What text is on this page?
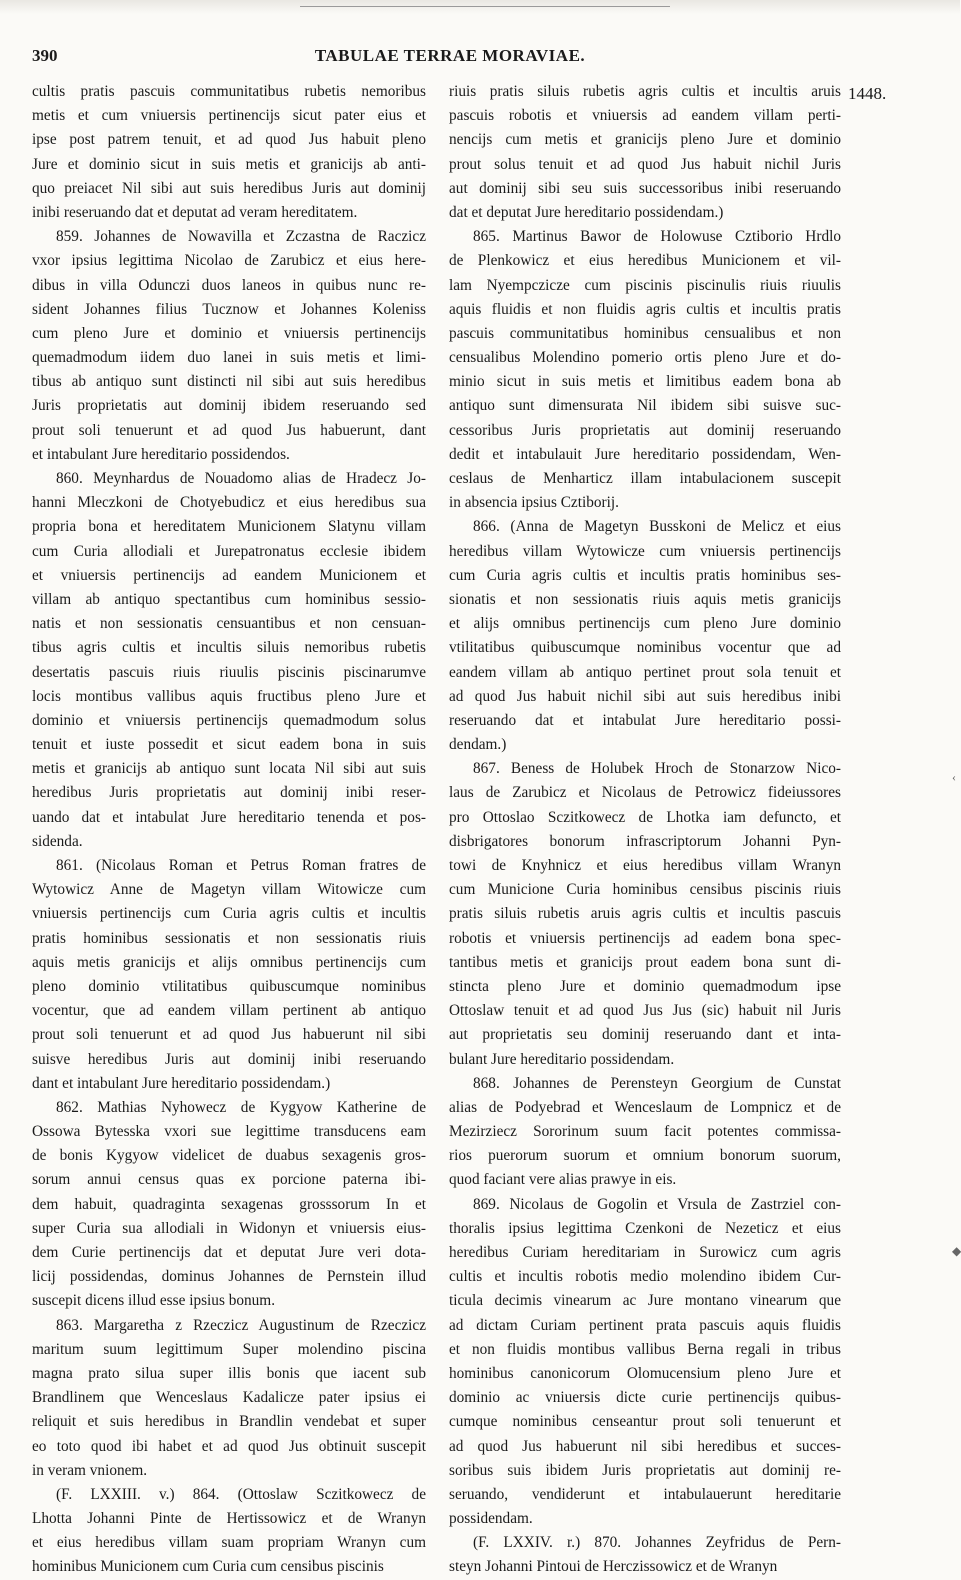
390	TABULAE TERRAE MORAVIAE.
1448.
cultis pratis pascuis communitatibus rubetis nemoribus
metis et cum vniuersis pertinencijs sicut pater eius et
ipse post patrem tenuit, et ad quod Jus habuit pleno
Jure et dominio sicut in suis metis et granicijs ab anti-
quo preiacet Nil sibi aut suis heredibus Juris aut dominij
inibi reseruando dat et deputat ad veram hereditatem.
859. Johannes de Nowavilla et Zczastna de Raczicz
vxor ipsius legittima Nicolao de Zarubicz et eius here-
dibus in villa Odunczi duos laneos in quibus nunc re-
sident Johannes filius Tucznow et Johannes Koleniss
cum pleno Jure et dominio et vniuersis pertinencijs
quemadmodum iidem duo lanei in suis metis et limi-
tibus ab antiquo sunt distincti nil sibi aut suis heredibus
Juris proprietatis aut dominij ibidem reseruando sed
prout soli tenuerunt et ad quod Jus habuerunt, dant
et intabulant Jure hereditario possidendos.
860. Meynhardus de Nouadomo alias de Hradecz Jo-
hanni Mleczkoni de Chotyebudicz et eius heredibus sua
propria bona et hereditatem Municionem Slatynu villam
cum Curia allodiali et Jurepatronatus ecclesie ibidem
et vniuersis pertinencijs ad eandem Municionem et
villam ab antiquo spectantibus cum hominibus sessio-
natis et non sessionatis censuantibus et non censuan-
tibus agris cultis et incultis siluis nemoribus rubetis
desertatis pascuis riuis riuulis piscinis piscinarumve
locis montibus vallibus aquis fructibus pleno Jure et
dominio et vniuersis pertinencijs quemadmodum solus
tenuit et iuste possedit et sicut eadem bona in suis
metis et granicijs ab antiquo sunt locata Nil sibi aut suis
heredibus Juris proprietatis aut dominij inibi reser-
uando dat et intabulat Jure hereditario tenenda et pos-
sidenda.
861. (Nicolaus Roman et Petrus Roman fratres de
Wytowicz Anne de Magetyn villam Witowicze cum
vniuersis pertinencijs cum Curia agris cultis et incultis
pratis hominibus sessionatis et non sessionatis riuis
aquis metis granicijs et alijs omnibus pertinencijs cum
pleno dominio vtilitatibus quibuscumque nominibus
vocentur, que ad eandem villam pertinent ab antiquo
prout soli tenuerunt et ad quod Jus habuerunt nil sibi
suisve heredibus Juris aut dominij inibi reseruando
dant et intabulant Jure hereditario possidendam.)
862. Mathias Nyhowecz de Kygyow Katherine de
Ossowa Bytesska vxori sue legittime transducens eam
de bonis Kygyow videlicet de duabus sexagenis gros-
sorum annui census quas ex porcione paterna ibi-
dem habuit, quadraginta sexagenas grosssorum In et
super Curia sua allodiali in Widonyn et vniuersis eius-
dem Curie pertinencijs dat et deputat Jure veri dota-
licij possidendas, dominus Johannes de Pernstein illud
suscepit dicens illud esse ipsius bonum.
863. Margaretha z Rzeczicz Augustinum de Rzeczicz
maritum suum legittimum Super molendino piscina
magna prato silua super illis bonis que iacent sub
Brandlinem que Wenceslaus Kadalicze pater ipsius ei
reliquit et suis heredibus in Brandlin vendebat et super
eo toto quod ibi habet et ad quod Jus obtinuit suscepit
in veram vnionem.
(F. LXXIII. v.) 864. (Ottoslaw Sczitkowecz de
Lhotta Johanni Pinte de Hertissowicz et de Wranyn
et eius heredibus villam suam propriam Wranyn cum
hominibus Municionem cum Curia cum censibus piscinis
riuis pratis siluis rubetis agris cultis et incultis aruis
pascuis robotis et vniuersis ad eandem villam perti-
nencijs cum metis et granicijs pleno Jure et dominio
prout solus tenuit et ad quod Jus habuit nichil Juris
aut dominij sibi seu suis successoribus inibi reseruando
dat et deputat Jure hereditario possidendam.)
865. Martinus Bawor de Holowuse Cztiborio Hrdlo
de Plenkowicz et eius heredibus Municionem et vil-
lam Nyempczicze cum piscinis piscinulis riuis riuulis
aquis fluidis et non fluidis agris cultis et incultis pratis
pascuis communitatibus hominibus censualibus et non
censualibus Molendino pomerio ortis pleno Jure et do-
minio sicut in suis metis et limitibus eadem bona ab
antiquo sunt dimensurata Nil ibidem sibi suisve suc-
cessoribus Juris proprietatis aut dominij reseruando
dedit et intabulauit Jure hereditario possidendam, Wen-
ceslaus de Menharticz illam intabulacionem suscepit
in absencia ipsius Cztiborij.
866. (Anna de Magetyn Busskoni de Melicz et eius
heredibus villam Wytowicze cum vniuersis pertinencijs
cum Curia agris cultis et incultis pratis hominibus ses-
sionatis et non sessionatis riuis aquis metis granicijs
et alijs omnibus pertinencijs cum pleno Jure dominio
vtilitatibus quibuscumque nominibus vocentur que ad
eandem villam ab antiquo pertinet prout sola tenuit et
ad quod Jus habuit nichil sibi aut suis heredibus inibi
reseruando dat et intabulat Jure hereditario possi-
dendam.)
867. Beness de Holubek Hroch de Stonarzow Nico-
laus de Zarubicz et Nicolaus de Petrowicz fideiussores
pro Ottoslao Sczitkowecz de Lhotka iam defuncto, et
disbrigatores bonorum infrascriptorum Johanni Pyn-
towi de Knyhnicz et eius heredibus villam Wranyn
cum Municione Curia hominibus censibus piscinis riuis
pratis siluis rubetis aruis agris cultis et incultis pascuis
robotis et vniuersis pertinencijs ad eadem bona spec-
tantibus metis et granicijs prout eadem bona sunt di-
stincta pleno Jure et dominio quemadmodum ipse
Ottoslaw tenuit et ad quod Jus Jus (sic) habuit nil Juris
aut proprietatis seu dominij reseruando dant et inta-
bulant Jure hereditario possidendam.
868. Johannes de Perensteyn Georgium de Cunstat
alias de Podyebrad et Wenceslaum de Lompnicz et de
Mezirziecz Sororinum suum facit potentes commissa-
rios puerorum suorum et omnium bonorum suorum,
quod faciant vere alias prawye in eis.
869. Nicolaus de Gogolin et Vrsula de Zastrziel con-
thoralis ipsius legittima Czenkoni de Nezeticz et eius
heredibus Curiam hereditariam in Surowicz cum agris
cultis et incultis robotis medio molendino ibidem Cur-
ticula decimis vinearum ac Jure montano vinearum que
ad dictam Curiam pertinent prata pascuis aquis fluidis
et non fluidis montibus vallibus Berna regali in tribus
hominibus canonicorum Olomucensium pleno Jure et
dominio ac vniuersis dicte curie pertinencijs quibus-
cumque nominibus censeantur prout soli tenuerunt et
ad quod Jus habuerunt nil sibi heredibus et succes-
soribus suis ibidem Juris proprietatis aut dominij re-
seruando, vendiderunt et intabulauerunt hereditarie
possidendam.
(F. LXXIV. r.) 870. Johannes Zeyfridus de Pern-
steyn Johanni Pintoui de Herczissowicz et de Wranyn
‹
◆
